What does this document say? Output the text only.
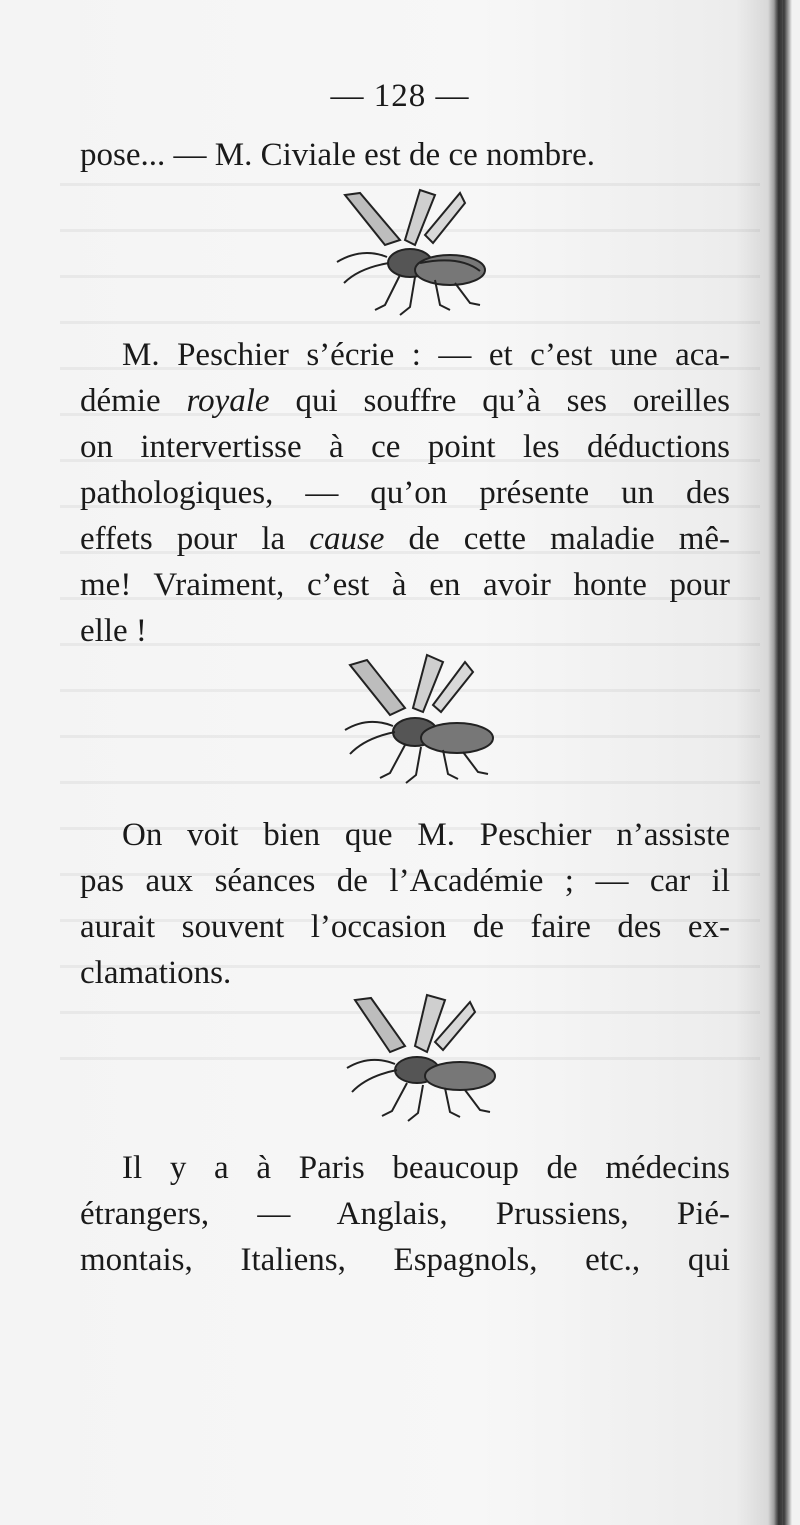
— 128 —
pose... — M. Civiale est de ce nombre.
M. Peschier s’écrie : — et c’est une aca-
démie royale qui souffre qu’à ses oreilles
on intervertisse à ce point les déductions
pathologiques, — qu’on présente un des
effets pour la cause de cette maladie mê-
me! Vraiment, c’est à en avoir honte pour
elle !
On voit bien que M. Peschier n’assiste
pas aux séances de l’Académie ; — car il
aurait souvent l’occasion de faire des ex-
clamations.
Il y a à Paris beaucoup de médecins
étrangers, — Anglais, Prussiens, Pié-
montais, Italiens, Espagnols, etc., qui
